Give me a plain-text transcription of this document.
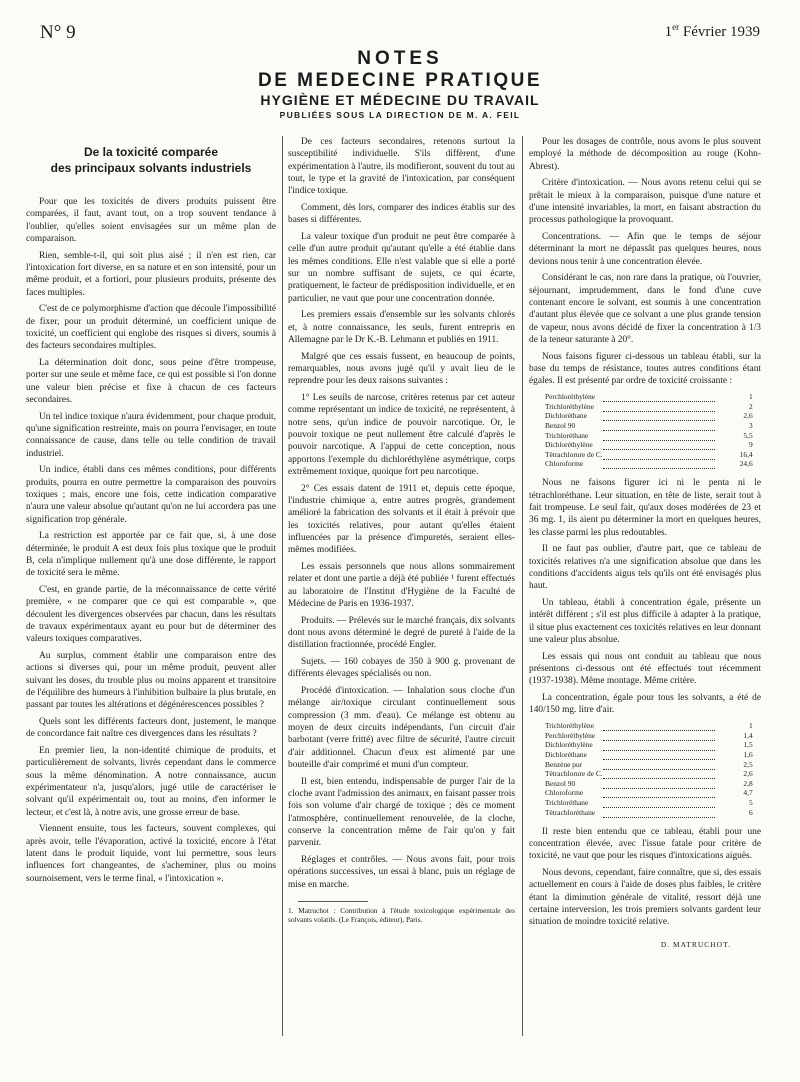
N° 9	1er Février 1939
NOTES
DE MEDECINE PRATIQUE
HYGIÈNE ET MÉDECINE DU TRAVAIL
PUBLIÉES SOUS LA DIRECTION DE M. A. FEIL
De la toxicité comparée
des principaux solvants industriels

Pour que les toxicités de divers produits puissent être comparées, il faut, avant tout, on a trop souvent tendance à l'oublier, qu'elles soient envisagées sur un même plan de comparaison.

Rien, semble-t-il, qui soit plus aisé ; il n'en est rien, car l'intoxication fort diverse, en sa nature et en son intensité, pour un même produit, et a fortiori, pour plusieurs produits, présente des faces multiples.

C'est de ce polymorphisme d'action que découle l'impossibilité de fixer, pour un produit déterminé, un coefficient unique de toxicité, un coefficient qui englobe des risques si divers, soumis à des facteurs secondaires multiples.

La détermination doit donc, sous peine d'être trompeuse, porter sur une seule et même face, ce qui est possible si l'on donne une valeur bien précise et fixe à chacun de ces facteurs secondaires.

Un tel indice toxique n'aura évidemment, pour chaque produit, qu'une signification restreinte, mais on pourra l'envisager, en toute connaissance de cause, dans telle ou telle condition de travail industriel.

Un indice, établi dans ces mêmes conditions, pour différents produits, pourra en outre permettre la comparaison des pouvoirs toxiques ; mais, encore une fois, cette indication comparative n'aura une valeur absolue qu'autant qu'on ne lui accordera pas une signification trop générale.

La restriction est apportée par ce fait que, si, à une dose déterminée, le produit A est deux fois plus toxique que le produit B, cela n'implique nullement qu'à une dose différente, le rapport de toxicité sera le même.

C'est, en grande partie, de la méconnaissance de cette vérité première, « ne comparer que ce qui est comparable », que découlent les divergences observées par chacun, dans les résultats de travaux expérimentaux ayant eu pour but de déterminer des valeurs toxiques comparatives.

Au surplus, comment établir une comparaison entre des actions si diverses qui, pour un même produit, peuvent aller suivant les doses, du trouble plus ou moins apparent et transitoire de l'équilibre des humeurs à l'inhibition bulbaire la plus brutale, en passant par toutes les altérations et dégénérescences possibles ?

Quels sont les différents facteurs dont, justement, le manque de concordance fait naître ces divergences dans les résultats ?

En premier lieu, la non-identité chimique de produits, et particulièrement de solvants, livrés cependant dans le commerce sous la même dénomination. A notre connaissance, aucun expérimentateur n'a, jusqu'alors, jugé utile de caractériser le solvant qu'il expérimentait ou, tout au moins, d'en informer le lecteur, et c'est là, à notre avis, une grosse erreur de base.

Viennent ensuite, tous les facteurs, souvent complexes, qui après avoir, telle l'évaporation, activé la toxicité, encore à l'état latent dans le produit liquide, vont lui permettre, sous leurs influences fort changeantes, de s'acheminer, plus ou moins sournoisement, vers le terme final, « l'intoxication ».

De ces facteurs secondaires, retenons surtout la susceptibilité individuelle. S'ils diffèrent, d'une expérimentation à l'autre, ils modifieront, souvent du tout au tout, le type et la gravité de l'intoxication, par conséquent l'indice toxique.

Comment, dès lors, comparer des indices établis sur des bases si différentes.

La valeur toxique d'un produit ne peut être comparée à celle d'un autre produit qu'autant qu'elle a été établie dans les mêmes conditions. Elle n'est valable que si elle a porté sur un nombre suffisant de sujets, ce qui écarte, pratiquement, le facteur de prédisposition individuelle, et en particulier, ne vaut que pour une concentration donnée.

Les premiers essais d'ensemble sur les solvants chlorés et, à notre connaissance, les seuls, furent entrepris en Allemagne par le Dr K.-B. Lehmann et publiés en 1911.

Malgré que ces essais fussent, en beaucoup de points, remarquables, nous avons jugé qu'il y avait lieu de le reprendre pour les deux raisons suivantes :

1° Les seuils de narcose, critères retenus par cet auteur comme représentant un indice de toxicité, ne représentent, à notre sens, qu'un indice de pouvoir narcotique. Or, le pouvoir toxique ne peut nullement être calculé d'après le pouvoir narcotique. A l'appui de cette conception, nous apportons l'exemple du dichloréthylène asymétrique, corps extrêmement toxique, quoique fort peu narcotique.

2° Ces essais datent de 1911 et, depuis cette époque, l'industrie chimique a, entre autres progrès, grandement amélioré la fabrication des solvants et il était à prévoir que les toxicités relatives, pour autant qu'elles étaient influencées par la présence d'impuretés, seraient elles-mêmes modifiées.

Les essais personnels que nous allons sommairement relater et dont une partie a déjà été publiée ¹ furent effectués au laboratoire de l'Institut d'Hygiène de la Faculté de Médecine de Paris en 1936-1937.

Produits. — Prélevés sur le marché français, dix solvants dont nous avons déterminé le degré de pureté à l'aide de la distillation fractionnée, procédé Engler.

Sujets. — 160 cobayes de 350 à 900 g. provenant de différents élevages spécialisés ou non.

Procédé d'intoxication. — Inhalation sous cloche d'un mélange air/toxique circulant continuellement sous compression (3 mm. d'eau). Ce mélange est obtenu au moyen de deux circuits indépendants, l'un circuit d'air barbotant (verre fritté) avec filtre de sécurité, l'autre circuit d'air additionnel. Chacun d'eux est alimenté par une bouteille d'air comprimé et muni d'un compteur.

Il est, bien entendu, indispensable de purger l'air de la cloche avant l'admission des animaux, en faisant passer trois fois son volume d'air chargé de toxique ; dès ce moment l'atmosphère, continuellement renouvelée, de la cloche, conserve la concentration même de l'air qu'on y fait parvenir.

Réglages et contrôles. — Nous avons fait, pour trois opérations successives, un essai à blanc, puis un réglage de mise en marche.

1. Matruchot : Contribution à l'étude toxicologique expérimentale des solvants volatils. (Le François, éditeur), Paris.

Pour les dosages de contrôle, nous avons le plus souvent employé la méthode de décomposition au rouge (Kohn-Abrest).

Critère d'intoxication. — Nous avons retenu celui qui se prêtait le mieux à la comparaison, puisque d'une nature et d'une intensité invariables, la mort, en faisant abstraction du processus pathologique la provoquant.

Concentrations. — Afin que le temps de séjour déterminant la mort ne dépassât pas quelques heures, nous devions nous tenir à une concentration élevée.

Considérant le cas, non rare dans la pratique, où l'ouvrier, séjournant, imprudemment, dans le fond d'une cuve contenant encore le solvant, est soumis à une concentration d'autant plus élevée que ce solvant a une plus grande tension de vapeur, nous avons décidé de fixer la concentration à 1/3 de la teneur saturante à 20°.

Nous faisons figurer ci-dessous un tableau établi, sur la base du temps de résistance, toutes autres conditions étant égales. Il est présenté par ordre de toxicité croissante :

Perchloréthylène		1
Trichloréthylène		2
Dichloréthane		2,6
Benzol 90		3
Trichloréthane		5,5
Dichloréthylène		9
Tétrachlorure de C.		16,4
Chloroforme		24,6

Nous ne faisons figurer ici ni le penta ni le tétrachloréthane. Leur situation, en tête de liste, serait tout à fait trompeuse. Le seul fait, qu'aux doses modérées de 23 et 36 mg. 1, ils aient pu déterminer la mort en quelques heures, les classe parmi les plus redoutables.

Il ne faut pas oublier, d'autre part, que ce tableau de toxicités relatives n'a une signification absolue que dans les conditions d'accidents aigus tels qu'ils ont été envisagés plus haut.

Un tableau, établi à concentration égale, présente un intérêt différent ; s'il est plus difficile à adapter à la pratique, il situe plus exactement ces toxicités relatives en leur donnant une valeur plus absolue.

Les essais qui nous ont conduit au tableau que nous présentons ci-dessous ont été effectués tout récemment (1937-1938). Même montage. Même critère.

La concentration, égale pour tous les solvants, a été de 140/150 mg. litre d'air.

Trichloréthylène		1
Perchloréthylène		1,4
Dichloréthylène		1,5
Dichloréthane		1,6
Benzène pur		2,5
Tétrachlorure de C.		2,6
Benzol 90		2,8
Chloroforme		4,7
Trichloréthane		5
Tétrachloréthane		6

Il reste bien entendu que ce tableau, établi pour une concentration élevée, avec l'issue fatale pour critère de toxicité, ne vaut que pour les risques d'intoxications aiguës.

Nous devons, cependant, faire connaître, que si, des essais actuellement en cours à l'aide de doses plus faibles, le critère étant la diminution générale de vitalité, ressort déjà une certaine interversion, les trois premiers solvants gardent leur situation de moindre toxicité relative.

D. MATRUCHOT.
